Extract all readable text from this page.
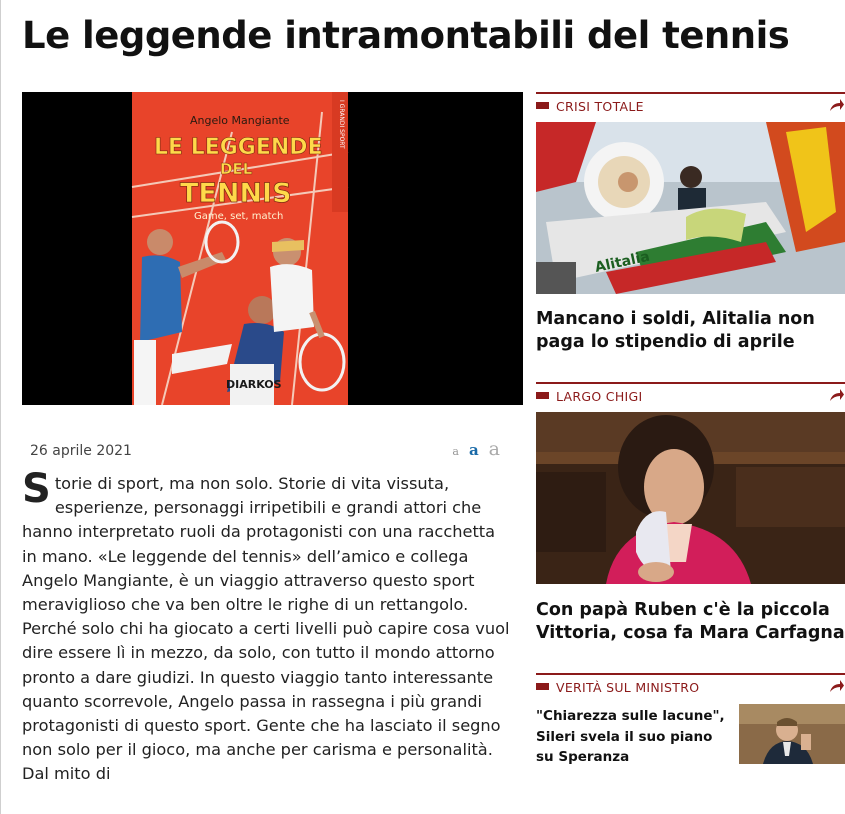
Le leggende intramontabili del tennis
I GRANDI SPORT
Angelo Mangiante
LE LEGGENDE
DEL
TENNIS
Game, set, match
DIARKOS
26 aprile 2021	a a a
S torie di sport, ma non solo. Storie di vita vissuta, esperienze, personaggi irripetibili e grandi attori che hanno interpretato ruoli da protagonisti con una racchetta in mano. «Le leggende del tennis» dell’amico e collega Angelo Mangiante, è un viaggio attraverso questo sport meraviglioso che va ben oltre le righe di un rettangolo. Perché solo chi ha giocato a certi livelli può capire cosa vuol dire essere lì in mezzo, da solo, con tutto il mondo attorno pronto a dare giudizi. In questo viaggio tanto interessante quanto scorrevole, Angelo passa in rassegna i più grandi protagonisti di questo sport. Gente che ha lasciato il segno non solo per il gioco, ma anche per carisma e personalità. Dal mito di
CRISI TOTALE
Alitalia
Mancano i soldi, Alitalia non paga lo stipendio di aprile
LARGO CHIGI
Con papà Ruben c'è la piccola Vittoria, cosa fa Mara Carfagna
VERITÀ SUL MINISTRO
"Chiarezza sulle lacune", Sileri svela il suo piano su Speranza
